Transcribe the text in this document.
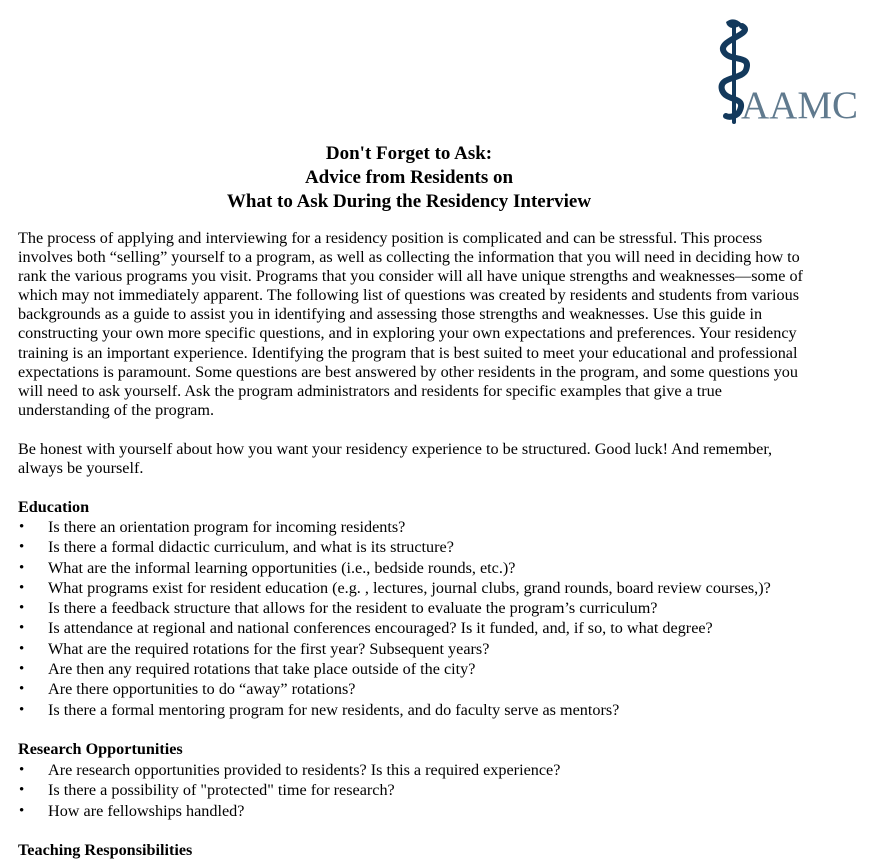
AAMC
Don't Forget to Ask:
Advice from Residents on
What to Ask During the Residency Interview

The process of applying and interviewing for a residency position is complicated and can be stressful. This process involves both “selling” yourself to a program, as well as collecting the information that you will need in deciding how to rank the various programs you visit. Programs that you consider will all have unique strengths and weaknesses—some of which may not immediately apparent. The following list of questions was created by residents and students from various backgrounds as a guide to assist you in identifying and assessing those strengths and weaknesses. Use this guide in constructing your own more specific questions, and in exploring your own expectations and preferences. Your residency training is an important experience. Identifying the program that is best suited to meet your educational and professional expectations is paramount. Some questions are best answered by other residents in the program, and some questions you will need to ask yourself. Ask the program administrators and residents for specific examples that give a true understanding of the program.

Be honest with yourself about how you want your residency experience to be structured. Good luck! And remember, always be yourself.

Education
• Is there an orientation program for incoming residents?
• Is there a formal didactic curriculum, and what is its structure?
• What are the informal learning opportunities (i.e., bedside rounds, etc.)?
• What programs exist for resident education (e.g. , lectures, journal clubs, grand rounds, board review courses,)?
• Is there a feedback structure that allows for the resident to evaluate the program’s curriculum?
• Is attendance at regional and national conferences encouraged? Is it funded, and, if so, to what degree?
• What are the required rotations for the first year? Subsequent years?
• Are then any required rotations that take place outside of the city?
• Are there opportunities to do “away” rotations?
• Is there a formal mentoring program for new residents, and do faculty serve as mentors?
Research Opportunities
• Are research opportunities provided to residents? Is this a required experience?
• Is there a possibility of "protected" time for research?
• How are fellowships handled?
Teaching Responsibilities
